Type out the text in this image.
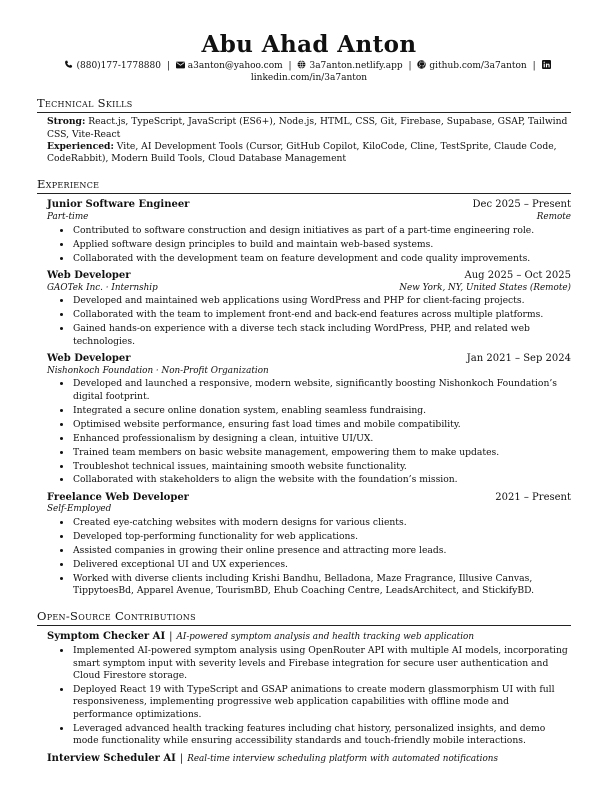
Abu Ahad Anton
(880)177-1778880 | a3anton@yahoo.com | 3a7anton.netlify.app | github.com/3a7anton |
linkedin.com/in/3a7anton
Technical Skills

Strong: React.js, TypeScript, JavaScript (ES6+), Node.js, HTML, CSS, Git, Firebase, Supabase, GSAP, Tailwind CSS, Vite-React

Experienced: Vite, AI Development Tools (Cursor, GitHub Copilot, KiloCode, Cline, TestSprite, Claude Code, CodeRabbit), Modern Build Tools, Cloud Database Management

Experience
Junior Software Engineer	Dec 2025 – Present
Part-time	Remote
• Contributed to software construction and design initiatives as part of a part-time engineering role.
• Applied software design principles to build and maintain web-based systems.
• Collaborated with the development team on feature development and code quality improvements.
Web Developer	Aug 2025 – Oct 2025
GAOTek Inc. · Internship	New York, NY, United States (Remote)
• Developed and maintained web applications using WordPress and PHP for client-facing projects.
• Collaborated with the team to implement front-end and back-end features across multiple platforms.
• Gained hands-on experience with a diverse tech stack including WordPress, PHP, and related web technologies.
Web Developer	Jan 2021 – Sep 2024
Nishonkoch Foundation · Non-Profit Organization
• Developed and launched a responsive, modern website, significantly boosting Nishonkoch Foundation’s digital footprint.
• Integrated a secure online donation system, enabling seamless fundraising.
• Optimised website performance, ensuring fast load times and mobile compatibility.
• Enhanced professionalism by designing a clean, intuitive UI/UX.
• Trained team members on basic website management, empowering them to make updates.
• Troubleshot technical issues, maintaining smooth website functionality.
• Collaborated with stakeholders to align the website with the foundation’s mission.
Freelance Web Developer	2021 – Present
Self-Employed
• Created eye-catching websites with modern designs for various clients.
• Developed top-performing functionality for web applications.
• Assisted companies in growing their online presence and attracting more leads.
• Delivered exceptional UI and UX experiences.
• Worked with diverse clients including Krishi Bandhu, Belladona, Maze Fragrance, Illusive Canvas, TippytoesBd, Apparel Avenue, TourismBD, Ehub Coaching Centre, LeadsArchitect, and StickifyBD.
Open-Source Contributions
Symptom Checker AI | AI-powered symptom analysis and health tracking web application
• Implemented AI-powered symptom analysis using OpenRouter API with multiple AI models, incorporating smart symptom input with severity levels and Firebase integration for secure user authentication and Cloud Firestore storage.
• Deployed React 19 with TypeScript and GSAP animations to create modern glassmorphism UI with full responsiveness, implementing progressive web application capabilities with offline mode and performance optimizations.
• Leveraged advanced health tracking features including chat history, personalized insights, and demo mode functionality while ensuring accessibility standards and touch-friendly mobile interactions.
Interview Scheduler AI | Real-time interview scheduling platform with automated notifications
